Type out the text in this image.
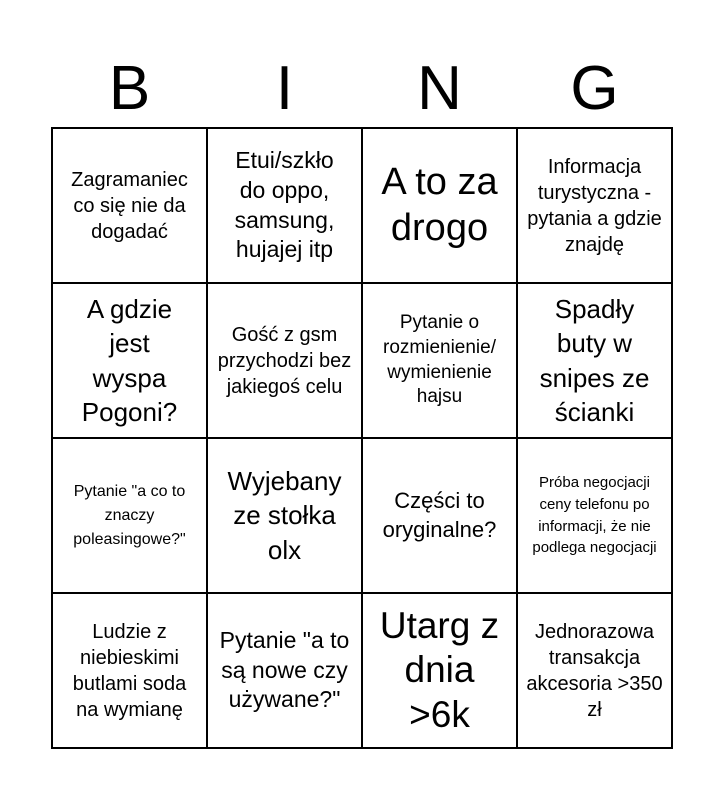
B	I	N	G
Zagramaniec co się nie da dogadać
Etui/szkło do oppo, samsung, hujajej itp
A to za drogo
Informacja turystyczna - pytania a gdzie znajdę
A gdzie jest wyspa Pogoni?
Gość z gsm przychodzi bez jakiegoś celu
Pytanie o rozmienienie/ wymienienie hajsu
Spadły buty w snipes ze ścianki
Pytanie "a co to znaczy poleasingowe?"
Wyjebany ze stołka olx
Części to oryginalne?
Próba negocjacji ceny telefonu po informacji, że nie podlega negocjacji
Ludzie z niebieskimi butlami soda na wymianę
Pytanie "a to są nowe czy używane?"
Utarg z dnia >6k
Jednorazowa transakcja akcesoria >350 zł
